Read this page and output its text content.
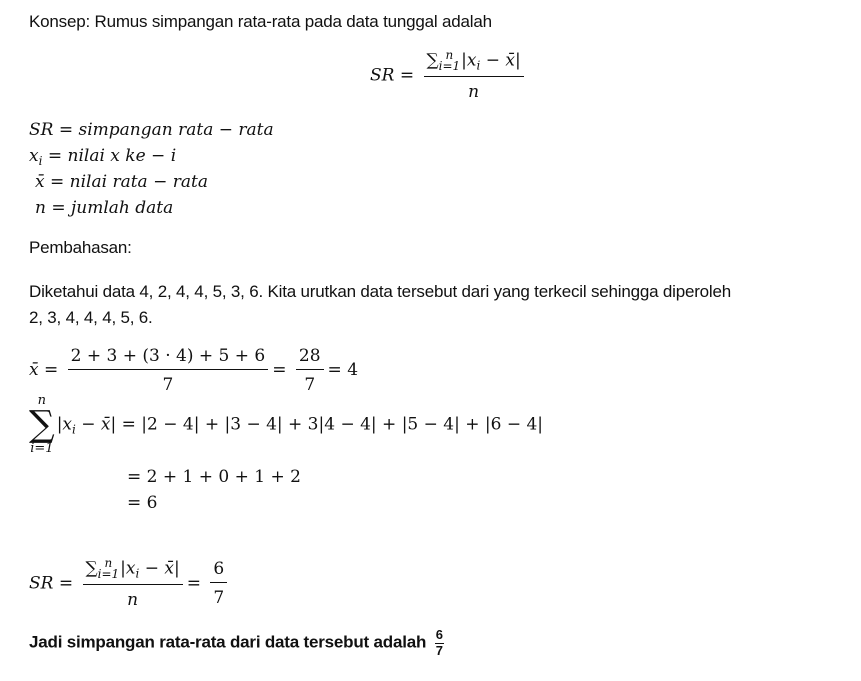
Konsep: Rumus simpangan rata-rata pada data tunggal adalah
SR = ∑ n
i=1 $|x_i$ − x̄|
n
SR = simpangan rata − rata
$x_i$ = nilai x ke − i
x̄ = nilai rata − rata
n = jumlah data
Pembahasan:
Diketahui data 4, 2, 4, 4, 5, 3, 6. Kita urutkan data tersebut dari yang terkecil sehingga diperoleh
2, 3, 4, 4, 4, 5, 6.
x̄ = $\frac{2 + 3 + (3 \cdot 4) + 5 + 6}{7} = \frac{28}{7} = 4$
n
∑
i=1
$|x_i$ − x̄| = |2 − 4| + |3 − 4| + 3|4 − 4| + |5 − 4| + |6 − 4|
= 2 + 1 + 0 + 1 + 2
= 6
SR = ∑ n
i=1 $|x_i$ − x̄|
$n = \frac{6}{7}$
Jadi simpangan rata-rata dari data tersebut adalah $\frac{6}{7}$
